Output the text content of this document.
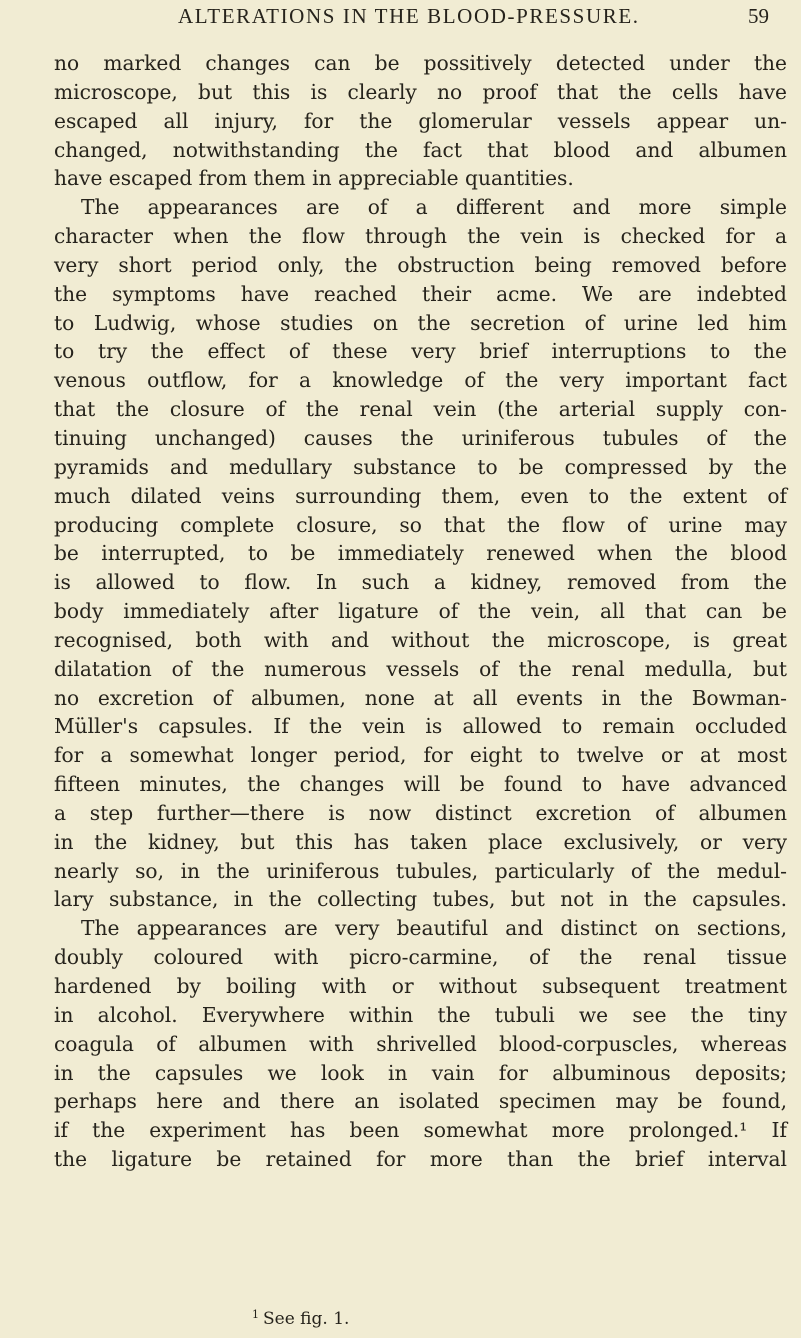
ALTERATIONS IN THE BLOOD-PRESSURE.	59
no marked changes can be possitively detected under the
microscope, but this is clearly no proof that the cells have
escaped all injury, for the glomerular vessels appear un-
changed, notwithstanding the fact that blood and albumen
have escaped from them in appreciable quantities.
The appearances are of a different and more simple
character when the flow through the vein is checked for a
very short period only, the obstruction being removed before
the symptoms have reached their acme. We are indebted
to Ludwig, whose studies on the secretion of urine led him
to try the effect of these very brief interruptions to the
venous outflow, for a knowledge of the very important fact
that the closure of the renal vein (the arterial supply con-
tinuing unchanged) causes the uriniferous tubules of the
pyramids and medullary substance to be compressed by the
much dilated veins surrounding them, even to the extent of
producing complete closure, so that the flow of urine may
be interrupted, to be immediately renewed when the blood
is allowed to flow. In such a kidney, removed from the
body immediately after ligature of the vein, all that can be
recognised, both with and without the microscope, is great
dilatation of the numerous vessels of the renal medulla, but
no excretion of albumen, none at all events in the Bowman-
Müller's capsules. If the vein is allowed to remain occluded
for a somewhat longer period, for eight to twelve or at most
fifteen minutes, the changes will be found to have advanced
a step further—there is now distinct excretion of albumen
in the kidney, but this has taken place exclusively, or very
nearly so, in the uriniferous tubules, particularly of the medul-
lary substance, in the collecting tubes, but not in the capsules.
The appearances are very beautiful and distinct on sections,
doubly coloured with picro-carmine, of the renal tissue
hardened by boiling with or without subsequent treatment
in alcohol. Everywhere within the tubuli we see the tiny
coagula of albumen with shrivelled blood-corpuscles, whereas
in the capsules we look in vain for albuminous deposits;
perhaps here and there an isolated specimen may be found,
if the experiment has been somewhat more prolonged.¹ If
the ligature be retained for more than the brief interval
$^1$ See fig. 1.
